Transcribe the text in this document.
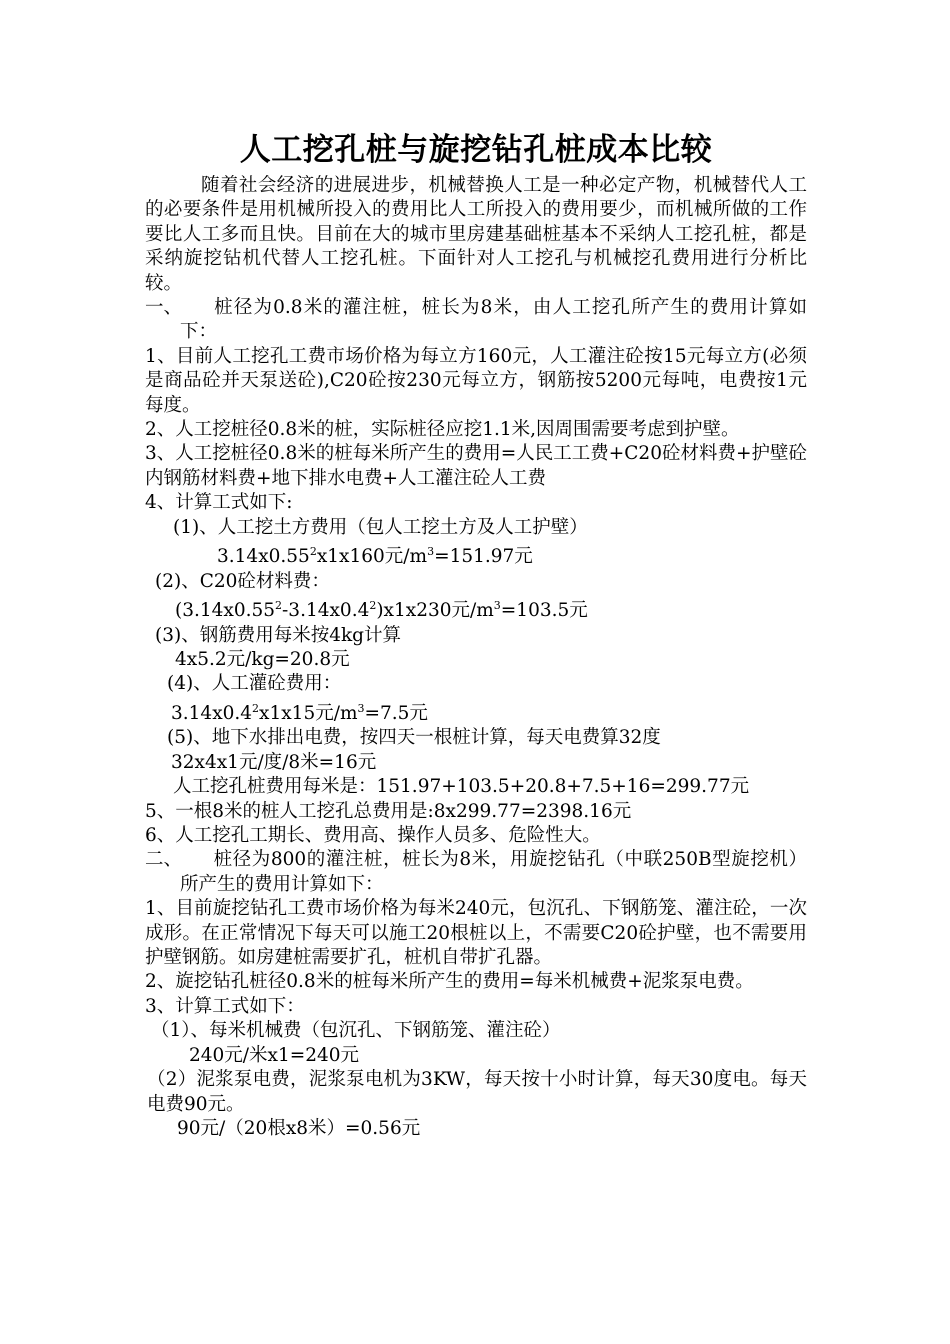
人工挖孔桩与旋挖钻孔桩成本比较

随着社会经济的进展进步，机械替换人工是一种必定产物，机械替代人工的必要条件是用机械所投入的费用比人工所投入的费用要少，而机械所做的工作要比人工多而且快。目前在大的城市里房建基础桩基本不采纳人工挖孔桩，都是采纳旋挖钻机代替人工挖孔桩。下面针对人工挖孔与机械挖孔费用进行分析比较。

一、 桩径为0.8米的灌注桩，桩长为8米，由人工挖孔所产生的费用计算如下：

1、目前人工挖孔工费市场价格为每立方160元，人工灌注砼按15元每立方(必须是商品砼并天泵送砼),C20砼按230元每立方，钢筋按5200元每吨，电费按1元每度。

2、人工挖桩径0.8米的桩，实际桩径应挖1.1米,因周围需要考虑到护壁。

3、人工挖桩径0.8米的桩每米所产生的费用=人民工工费+C20砼材料费+护壁砼内钢筋材料费+地下排水电费+人工灌注砼人工费

4、计算工式如下:

(1)、人工挖土方费用（包人工挖土方及人工护壁）

3.14x0.55$^2$x1x160元$/m^3=151.97$元

(2)、C20砼材料费：

$(3.14x0.55^2-3.14x0.4^2)x1x230$元$/m^3=103.5$元

(3)、钢筋费用每米按4kg计算

4x5.2元/kg=20.8元

(4)、人工灌砼费用：

$3.14x0.4^2x1x15$元$/m^3=7.5$元

(5)、地下水排出电费，按四天一根桩计算，每天电费算32度

32x4x1元/度/8米=16元

人工挖孔桩费用每米是：151.97+103.5+20.8+7.5+16=299.77元

5、一根8米的桩人工挖孔总费用是:8x299.77=2398.16元

6、人工挖孔工期长、费用高、操作人员多、危险性大。

二、 桩径为800的灌注桩，桩长为8米，用旋挖钻孔（中联250B型旋挖机）所产生的费用计算如下：

1、目前旋挖钻孔工费市场价格为每米240元，包沉孔、下钢筋笼、灌注砼，一次成形。在正常情况下每天可以施工20根桩以上，不需要C20砼护壁，也不需要用护壁钢筋。如房建桩需要扩孔，桩机自带扩孔器。

2、旋挖钻孔桩径0.8米的桩每米所产生的费用=每米机械费+泥浆泵电费。

3、计算工式如下：

（1）、每米机械费（包沉孔、下钢筋笼、灌注砼）

240元/米x1=240元

（2）泥浆泵电费，泥浆泵电机为3KW，每天按十小时计算，每天30度电。每天电费90元。

90元/（20根x8米）=0.56元
